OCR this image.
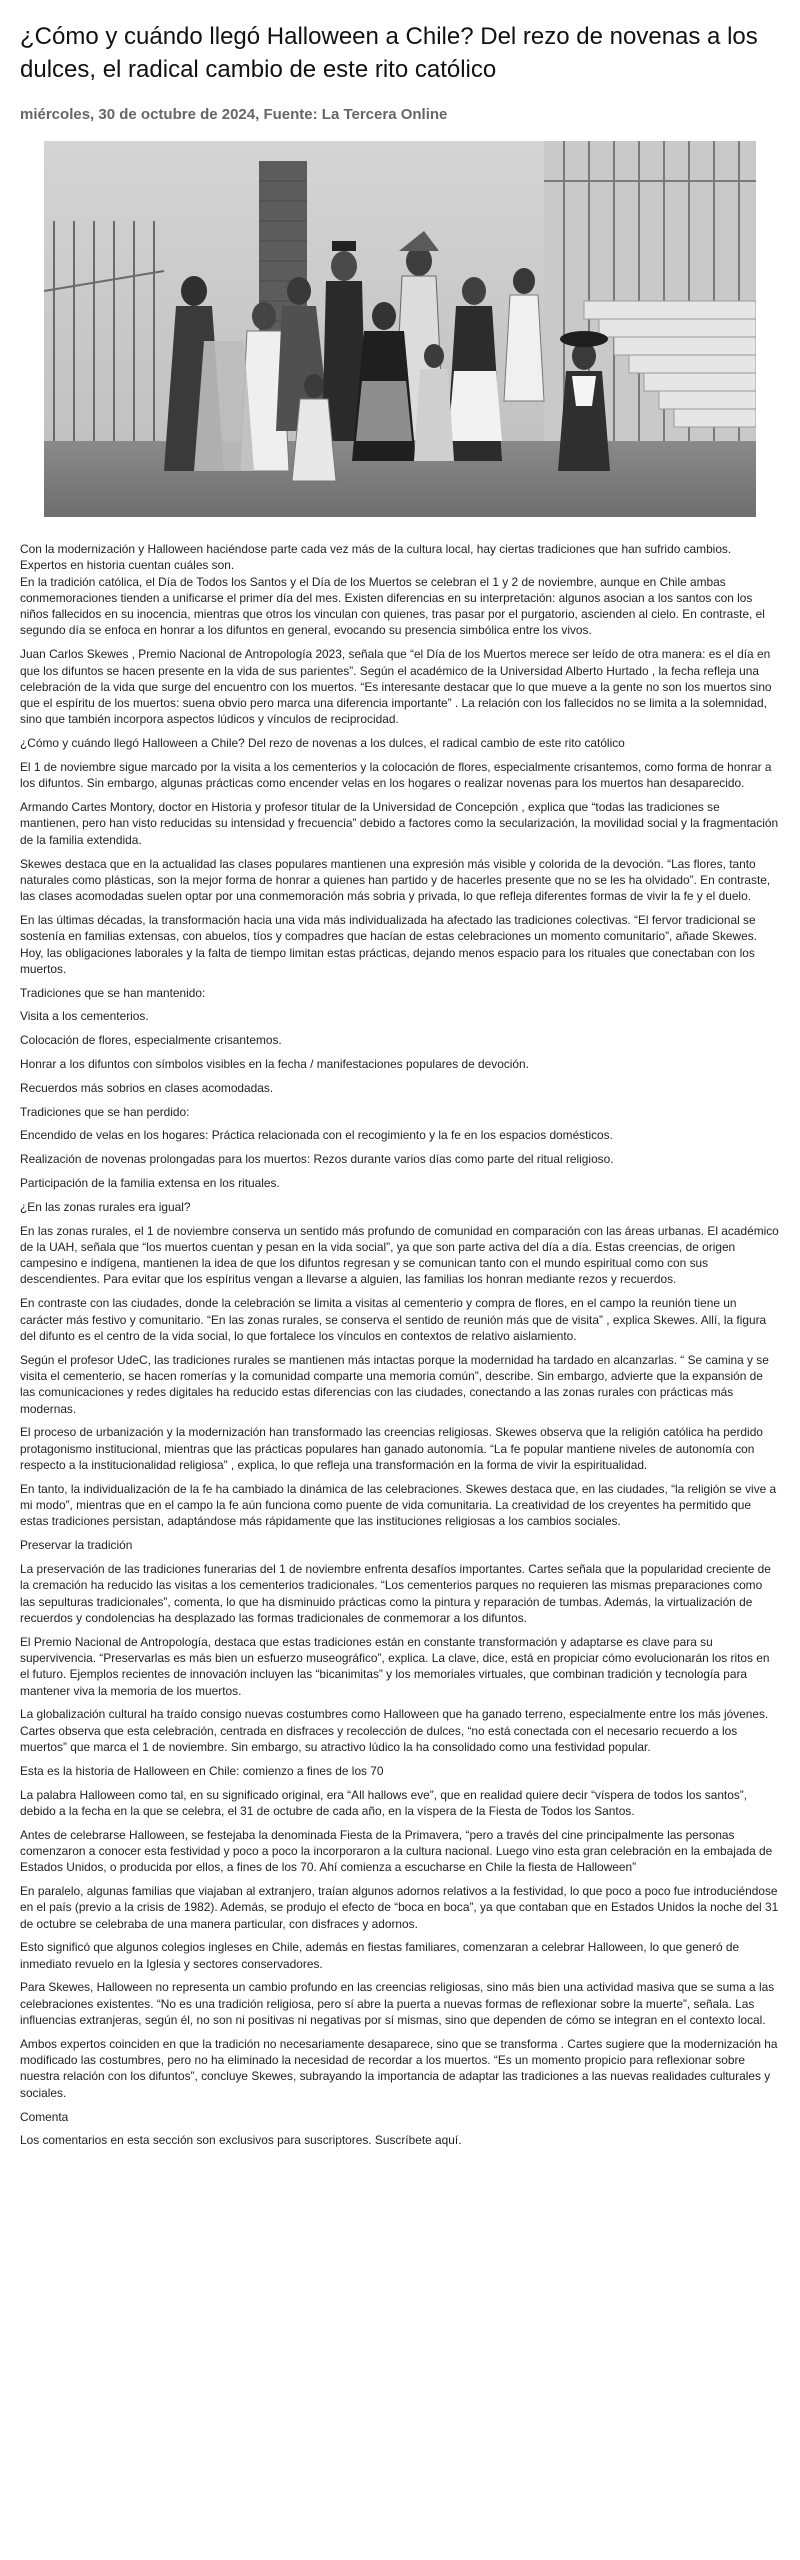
¿Cómo y cuándo llegó Halloween a Chile? Del rezo de novenas a los dulces, el radical cambio de este rito católico
miércoles, 30 de octubre de 2024, Fuente: La Tercera Online

Con la modernización y Halloween haciéndose parte cada vez más de la cultura local, hay ciertas tradiciones que han sufrido cambios. Expertos en historia cuentan cuáles son.

En la tradición católica, el Día de Todos los Santos y el Día de los Muertos se celebran el 1 y 2 de noviembre, aunque en Chile ambas conmemoraciones tienden a unificarse el primer día del mes. Existen diferencias en su interpretación: algunos asocian a los santos con los niños fallecidos en su inocencia, mientras que otros los vinculan con quienes, tras pasar por el purgatorio, ascienden al cielo. En contraste, el segundo día se enfoca en honrar a los difuntos en general, evocando su presencia simbólica entre los vivos.

Juan Carlos Skewes , Premio Nacional de Antropología 2023, señala que “el Día de los Muertos merece ser leído de otra manera: es el día en que los difuntos se hacen presente en la vida de sus parientes”. Según el académico de la Universidad Alberto Hurtado , la fecha refleja una celebración de la vida que surge del encuentro con los muertos. “Es interesante destacar que lo que mueve a la gente no son los muertos sino que el espíritu de los muertos: suena obvio pero marca una diferencia importante” . La relación con los fallecidos no se limita a la solemnidad, sino que también incorpora aspectos lúdicos y vínculos de reciprocidad.

¿Cómo y cuándo llegó Halloween a Chile? Del rezo de novenas a los dulces, el radical cambio de este rito católico

El 1 de noviembre sigue marcado por la visita a los cementerios y la colocación de flores, especialmente crisantemos, como forma de honrar a los difuntos. Sin embargo, algunas prácticas como encender velas en los hogares o realizar novenas para los muertos han desaparecido.

Armando Cartes Montory, doctor en Historia y profesor titular de la Universidad de Concepción , explica que “todas las tradiciones se mantienen, pero han visto reducidas su intensidad y frecuencia” debido a factores como la secularización, la movilidad social y la fragmentación de la familia extendida.

Skewes destaca que en la actualidad las clases populares mantienen una expresión más visible y colorida de la devoción. “Las flores, tanto naturales como plásticas, son la mejor forma de honrar a quienes han partido y de hacerles presente que no se les ha olvidado”. En contraste, las clases acomodadas suelen optar por una conmemoración más sobria y privada, lo que refleja diferentes formas de vivir la fe y el duelo.

En las últimas décadas, la transformación hacia una vida más individualizada ha afectado las tradiciones colectivas. “El fervor tradicional se sostenía en familias extensas, con abuelos, tíos y compadres que hacían de estas celebraciones un momento comunitario”, añade Skewes. Hoy, las obligaciones laborales y la falta de tiempo limitan estas prácticas, dejando menos espacio para los rituales que conectaban con los muertos.

Tradiciones que se han mantenido:

Visita a los cementerios.

Colocación de flores, especialmente crisantemos.

Honrar a los difuntos con símbolos visibles en la fecha / manifestaciones populares de devoción.

Recuerdos más sobrios en clases acomodadas.

Tradiciones que se han perdido:

Encendido de velas en los hogares: Práctica relacionada con el recogimiento y la fe en los espacios domésticos.

Realización de novenas prolongadas para los muertos: Rezos durante varios días como parte del ritual religioso.

Participación de la familia extensa en los rituales.

¿En las zonas rurales era igual?

En las zonas rurales, el 1 de noviembre conserva un sentido más profundo de comunidad en comparación con las áreas urbanas. El académico de la UAH, señala que “los muertos cuentan y pesan en la vida social”, ya que son parte activa del día a día. Estas creencias, de origen campesino e indígena, mantienen la idea de que los difuntos regresan y se comunican tanto con el mundo espiritual como con sus descendientes. Para evitar que los espíritus vengan a llevarse a alguien, las familias los honran mediante rezos y recuerdos.

En contraste con las ciudades, donde la celebración se limita a visitas al cementerio y compra de flores, en el campo la reunión tiene un carácter más festivo y comunitario. “En las zonas rurales, se conserva el sentido de reunión más que de visita” , explica Skewes. Allí, la figura del difunto es el centro de la vida social, lo que fortalece los vínculos en contextos de relativo aislamiento.

Según el profesor UdeC, las tradiciones rurales se mantienen más intactas porque la modernidad ha tardado en alcanzarlas. “ Se camina y se visita el cementerio, se hacen romerías y la comunidad comparte una memoria común”, describe. Sin embargo, advierte que la expansión de las comunicaciones y redes digitales ha reducido estas diferencias con las ciudades, conectando a las zonas rurales con prácticas más modernas.

El proceso de urbanización y la modernización han transformado las creencias religiosas. Skewes observa que la religión católica ha perdido protagonismo institucional, mientras que las prácticas populares han ganado autonomía. “La fe popular mantiene niveles de autonomía con respecto a la institucionalidad religiosa” , explica, lo que refleja una transformación en la forma de vivir la espiritualidad.

En tanto, la individualización de la fe ha cambiado la dinámica de las celebraciones. Skewes destaca que, en las ciudades, “la religión se vive a mi modo”, mientras que en el campo la fe aún funciona como puente de vida comunitaria. La creatividad de los creyentes ha permitido que estas tradiciones persistan, adaptándose más rápidamente que las instituciones religiosas a los cambios sociales.

Preservar la tradición

La preservación de las tradiciones funerarias del 1 de noviembre enfrenta desafíos importantes. Cartes señala que la popularidad creciente de la cremación ha reducido las visitas a los cementerios tradicionales. “Los cementerios parques no requieren las mismas preparaciones como las sepulturas tradicionales”, comenta, lo que ha disminuido prácticas como la pintura y reparación de tumbas. Además, la virtualización de recuerdos y condolencias ha desplazado las formas tradicionales de conmemorar a los difuntos.

El Premio Nacional de Antropología, destaca que estas tradiciones están en constante transformación y adaptarse es clave para su supervivencia. “Preservarlas es más bien un esfuerzo museográfico”, explica. La clave, dice, está en propiciar cómo evolucionarán los ritos en el futuro. Ejemplos recientes de innovación incluyen las “bicanimitas” y los memoriales virtuales, que combinan tradición y tecnología para mantener viva la memoria de los muertos.

La globalización cultural ha traído consigo nuevas costumbres como Halloween que ha ganado terreno, especialmente entre los más jóvenes. Cartes observa que esta celebración, centrada en disfraces y recolección de dulces, “no está conectada con el necesario recuerdo a los muertos” que marca el 1 de noviembre. Sin embargo, su atractivo lúdico la ha consolidado como una festividad popular.

Esta es la historia de Halloween en Chile: comienzo a fines de los 70

La palabra Halloween como tal, en su significado original, era “All hallows eve”, que en realidad quiere decir “víspera de todos los santos”, debido a la fecha en la que se celebra, el 31 de octubre de cada año, en la víspera de la Fiesta de Todos los Santos.

Antes de celebrarse Halloween, se festejaba la denominada Fiesta de la Primavera, “pero a través del cine principalmente las personas comenzaron a conocer esta festividad y poco a poco la incorporaron a la cultura nacional. Luego vino esta gran celebración en la embajada de Estados Unidos, o producida por ellos, a fines de los 70. Ahí comienza a escucharse en Chile la fiesta de Halloween”

En paralelo, algunas familias que viajaban al extranjero, traían algunos adornos relativos a la festividad, lo que poco a poco fue introduciéndose en el país (previo a la crisis de 1982). Además, se produjo el efecto de “boca en boca”, ya que contaban que en Estados Unidos la noche del 31 de octubre se celebraba de una manera particular, con disfraces y adornos.

Esto significó que algunos colegios ingleses en Chile, además en fiestas familiares, comenzaran a celebrar Halloween, lo que generó de inmediato revuelo en la Iglesia y sectores conservadores.

Para Skewes, Halloween no representa un cambio profundo en las creencias religiosas, sino más bien una actividad masiva que se suma a las celebraciones existentes. “No es una tradición religiosa, pero sí abre la puerta a nuevas formas de reflexionar sobre la muerte”, señala. Las influencias extranjeras, según él, no son ni positivas ni negativas por sí mismas, sino que dependen de cómo se integran en el contexto local.

Ambos expertos coinciden en que la tradición no necesariamente desaparece, sino que se transforma . Cartes sugiere que la modernización ha modificado las costumbres, pero no ha eliminado la necesidad de recordar a los muertos. “Es un momento propicio para reflexionar sobre nuestra relación con los difuntos”, concluye Skewes, subrayando la importancia de adaptar las tradiciones a las nuevas realidades culturales y sociales.

Comenta

Los comentarios en esta sección son exclusivos para suscriptores. Suscríbete aquí.
